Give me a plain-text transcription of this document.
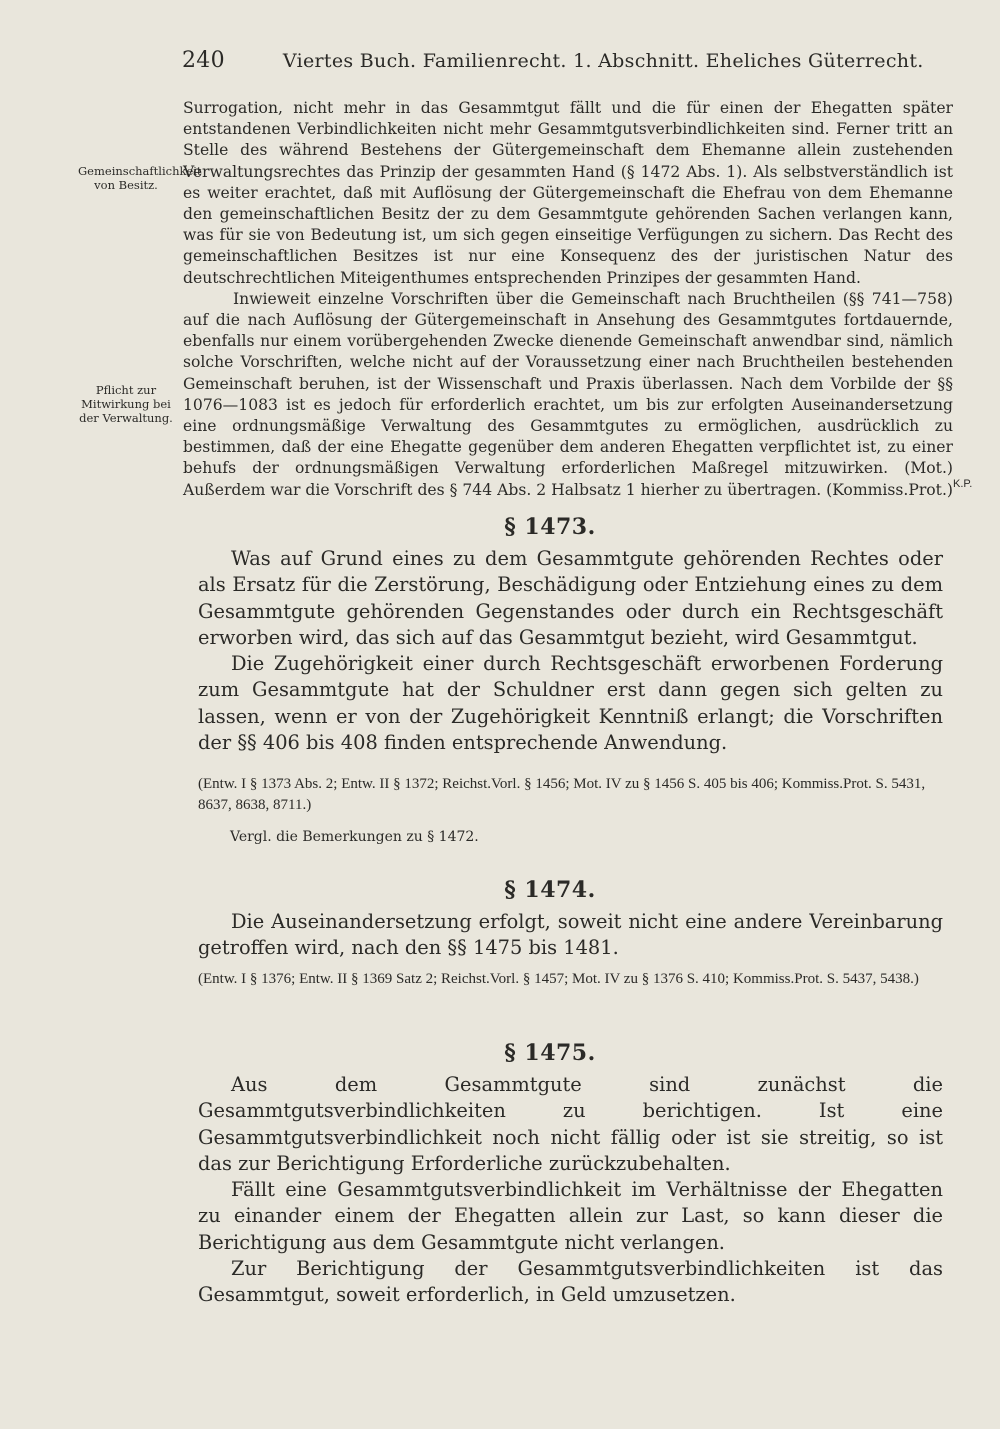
240	Viertes Buch. Familienrecht. 1. Abschnitt. Eheliches Güterrecht.
Gemeinschaftlichkeit von Besitz.
Pflicht zur Mitwirkung bei der Verwaltung.
K.P.

Surrogation, nicht mehr in das Gesammtgut fällt und die für einen der Ehegatten später entstandenen Verbindlichkeiten nicht mehr Gesammtgutsverbindlichkeiten sind. Ferner tritt an Stelle des während Bestehens der Gütergemeinschaft dem Ehemanne allein zustehenden Verwaltungsrechtes das Prinzip der gesammten Hand (§ 1472 Abs. 1). Als selbstverständlich ist es weiter erachtet, daß mit Auflösung der Gütergemeinschaft die Ehefrau von dem Ehemanne den gemeinschaftlichen Besitz der zu dem Gesammtgute gehörenden Sachen verlangen kann, was für sie von Bedeutung ist, um sich gegen einseitige Verfügungen zu sichern. Das Recht des gemeinschaftlichen Besitzes ist nur eine Konsequenz des der juristischen Natur des deutschrechtlichen Miteigenthumes entsprechenden Prinzipes der gesammten Hand.

Inwieweit einzelne Vorschriften über die Gemeinschaft nach Bruchtheilen (§§ 741—758) auf die nach Auflösung der Gütergemeinschaft in Ansehung des Gesammtgutes fortdauernde, ebenfalls nur einem vorübergehenden Zwecke dienende Gemeinschaft anwendbar sind, nämlich solche Vorschriften, welche nicht auf der Voraussetzung einer nach Bruchtheilen bestehenden Gemeinschaft beruhen, ist der Wissenschaft und Praxis überlassen. Nach dem Vorbilde der §§ 1076—1083 ist es jedoch für erforderlich erachtet, um bis zur erfolgten Auseinandersetzung eine ordnungsmäßige Verwaltung des Gesammtgutes zu ermöglichen, ausdrücklich zu bestimmen, daß der eine Ehegatte gegenüber dem anderen Ehegatten verpflichtet ist, zu einer behufs der ordnungsmäßigen Verwaltung erforderlichen Maßregel mitzuwirken. (Mot.) Außerdem war die Vorschrift des § 744 Abs. 2 Halbsatz 1 hierher zu übertragen. (Kommiss.Prot.)

§ 1473.

Was auf Grund eines zu dem Gesammtgute gehörenden Rechtes oder als Ersatz für die Zerstörung, Beschädigung oder Entziehung eines zu dem Gesammtgute gehörenden Gegenstandes oder durch ein Rechtsgeschäft erworben wird, das sich auf das Gesammtgut bezieht, wird Gesammtgut.

Die Zugehörigkeit einer durch Rechtsgeschäft erworbenen Forderung zum Gesammtgute hat der Schuldner erst dann gegen sich gelten zu lassen, wenn er von der Zugehörigkeit Kenntniß erlangt; die Vorschriften der §§ 406 bis 408 finden entsprechende Anwendung.

(Entw. I § 1373 Abs. 2; Entw. II § 1372; Reichst.Vorl. § 1456; Mot. IV zu § 1456 S. 405 bis 406; Kommiss.Prot. S. 5431, 8637, 8638, 8711.)
Vergl. die Bemerkungen zu § 1472.
§ 1474.

Die Auseinandersetzung erfolgt, soweit nicht eine andere Vereinbarung getroffen wird, nach den §§ 1475 bis 1481.

(Entw. I § 1376; Entw. II § 1369 Satz 2; Reichst.Vorl. § 1457; Mot. IV zu § 1376 S. 410; Kommiss.Prot. S. 5437, 5438.)
§ 1475.

Aus dem Gesammtgute sind zunächst die Gesammtgutsverbindlichkeiten zu berichtigen. Ist eine Gesammtgutsverbindlichkeit noch nicht fällig oder ist sie streitig, so ist das zur Berichtigung Erforderliche zurückzubehalten.

Fällt eine Gesammtgutsverbindlichkeit im Verhältnisse der Ehegatten zu einander einem der Ehegatten allein zur Last, so kann dieser die Berichtigung aus dem Gesammtgute nicht verlangen.

Zur Berichtigung der Gesammtgutsverbindlichkeiten ist das Gesammtgut, soweit erforderlich, in Geld umzusetzen.
